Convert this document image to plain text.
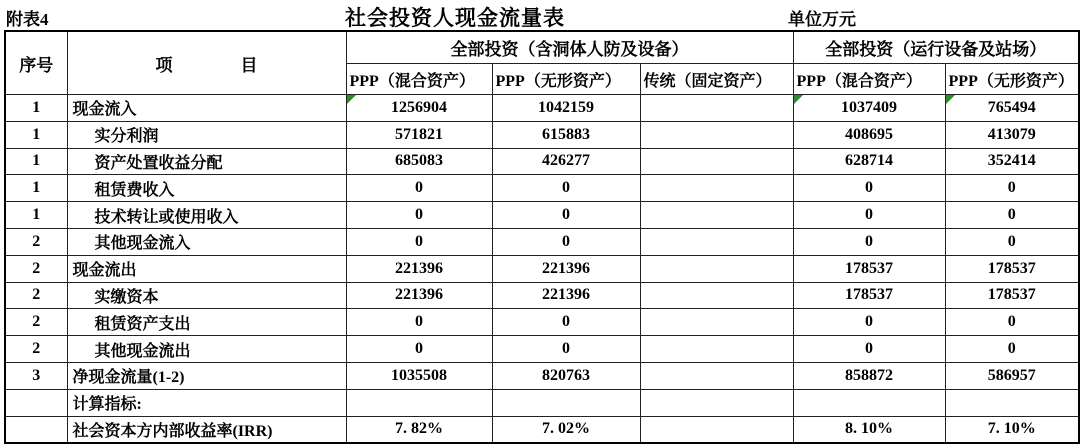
附表4	社会投资人现金流量表	单位万元
序号	项　　　　目	全部投资（含洞体人防及设备）			全部投资（运行设备及站场）	
		PPP（混合资产）	PPP（无形资产）	传统（固定资产）	PPP（混合资产）	PPP（无形资产）
1	现金流入	1256904	1042159		1037409	765494

1	实分利润	571821	615883		408695	413079
1	资产处置收益分配	685083	426277		628714	352414
1	租赁费收入	0	0		0	0
1	技术转让或使用收入	0	0		0	0
2	其他现金流入	0	0		0	0
2	现金流出	221396	221396		178537	178537
2	实缴资本	221396	221396		178537	178537
2	租赁资产支出	0	0		0	0
2	其他现金流出	0	0		0	0
3	净现金流量(1-2)	1035508	820763		858872	586957
	计算指标:					
	社会资本方内部收益率(IRR)	7. 82%	7. 02%		8. 10%	7. 10%
